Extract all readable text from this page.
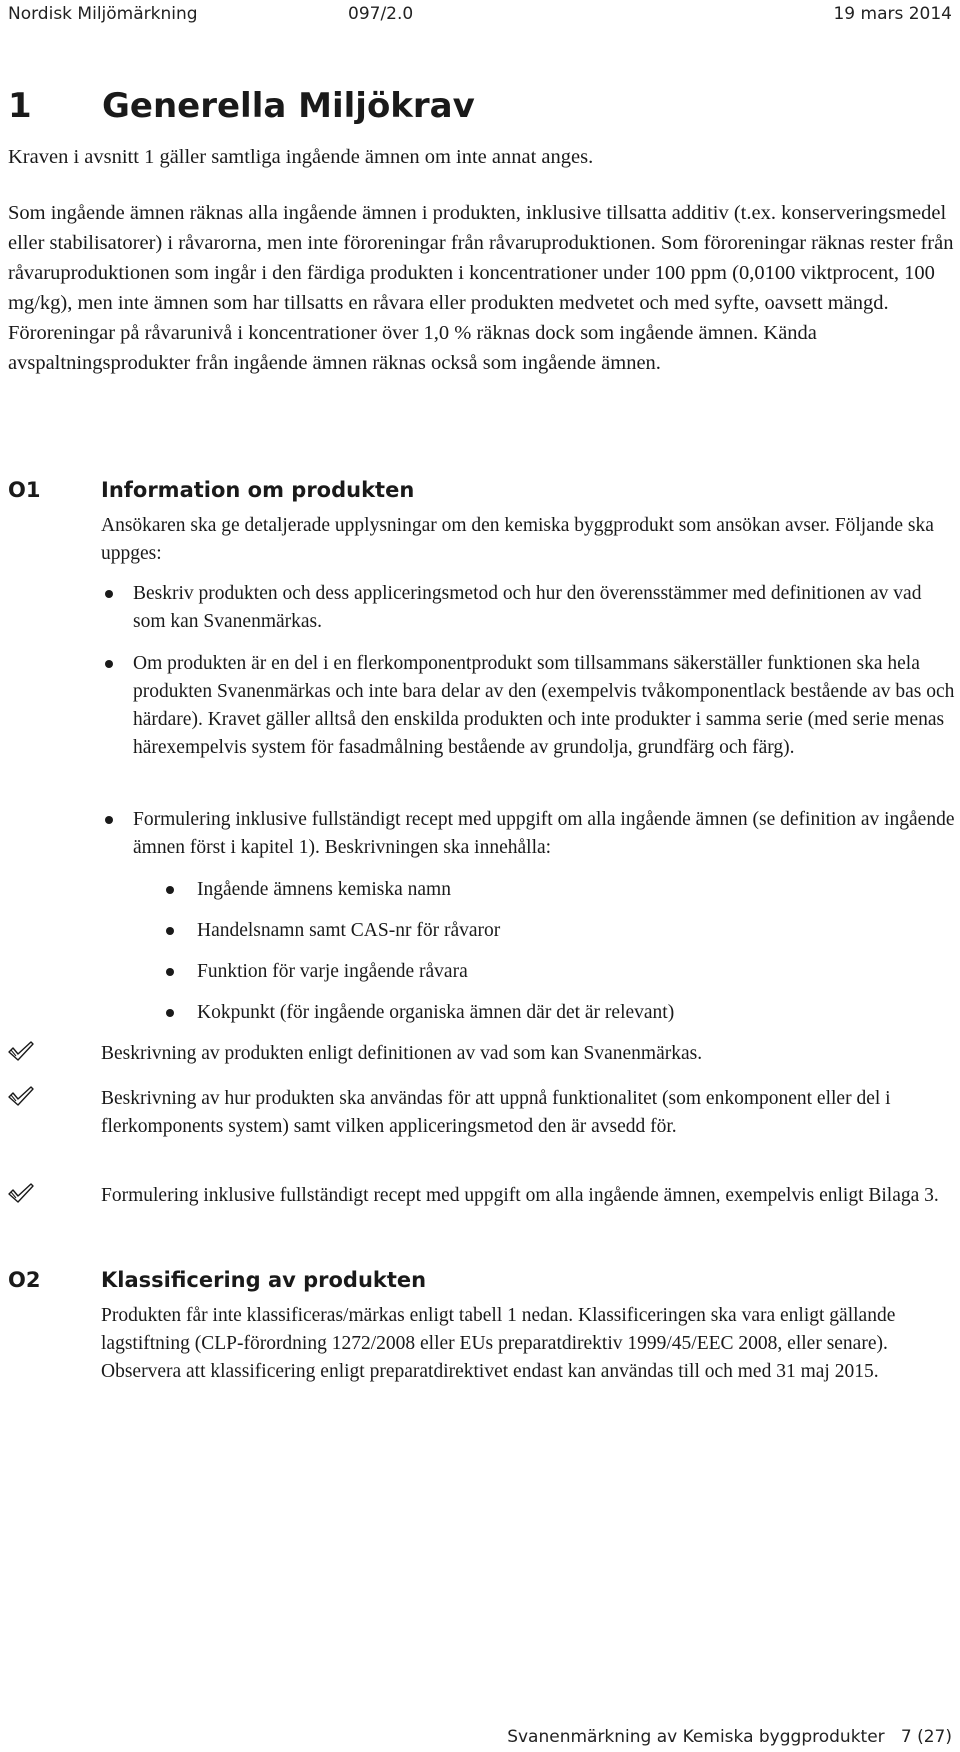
Nordisk Miljömärkning	097/2.0	19 mars 2014
1 Generella Miljökrav

Kraven i avsnitt 1 gäller samtliga ingående ämnen om inte annat anges.

Som ingående ämnen räknas alla ingående ämnen i produkten, inklusive tillsatta additiv (t.ex. konserveringsmedel eller stabilisatorer) i råvarorna, men inte föroreningar från råvaruproduktionen. Som föroreningar räknas rester från råvaruproduktionen som ingår i den färdiga produkten i koncentrationer under 100 ppm (0,0100 viktprocent, 100 mg/kg), men inte ämnen som har tillsatts en råvara eller produkten medvetet och med syfte, oavsett mängd. Föroreningar på råvarunivå i koncentrationer över 1,0 % räknas dock som ingående ämnen. Kända avspaltningsprodukter från ingående ämnen räknas också som ingående ämnen.

O1	Information om produkten

Ansökaren ska ge detaljerade upplysningar om den kemiska byggprodukt som ansökan avser. Följande ska uppges:

Beskriv produkten och dess appliceringsmetod och hur den överensstämmer med definitionen av vad som kan Svanenmärkas.
Om produkten är en del i en flerkomponentprodukt som tillsammans säkerställer funktionen ska hela produkten Svanenmärkas och inte bara delar av den (exempelvis tvåkomponentlack bestående av bas och härdare). Kravet gäller alltså den enskilda produkten och inte produkter i samma serie (med serie menas härexempelvis system för fasadmålning bestående av grundolja, grundfärg och färg).
Formulering inklusive fullständigt recept med uppgift om alla ingående ämnen (se definition av ingående ämnen först i kapitel 1). Beskrivningen ska innehålla:
Ingående ämnens kemiska namn
Handelsnamn samt CAS-nr för råvaror
Funktion för varje ingående råvara
Kokpunkt (för ingående organiska ämnen där det är relevant)
Beskrivning av produkten enligt definitionen av vad som kan Svanenmärkas.
Beskrivning av hur produkten ska användas för att uppnå funktionalitet (som enkomponent eller del i flerkomponents system) samt vilken appliceringsmetod den är avsedd för.
Formulering inklusive fullständigt recept med uppgift om alla ingående ämnen, exempelvis enligt Bilaga 3.
O2	Klassificering av produkten

Produkten får inte klassificeras/märkas enligt tabell 1 nedan. Klassificeringen ska vara enligt gällande lagstiftning (CLP-förordning 1272/2008 eller EUs preparatdirektiv 1999/45/EEC 2008, eller senare). Observera att klassificering enligt preparatdirektivet endast kan användas till och med 31 maj 2015.

Svanenmärkning av Kemiska byggprodukter   7 (27)
